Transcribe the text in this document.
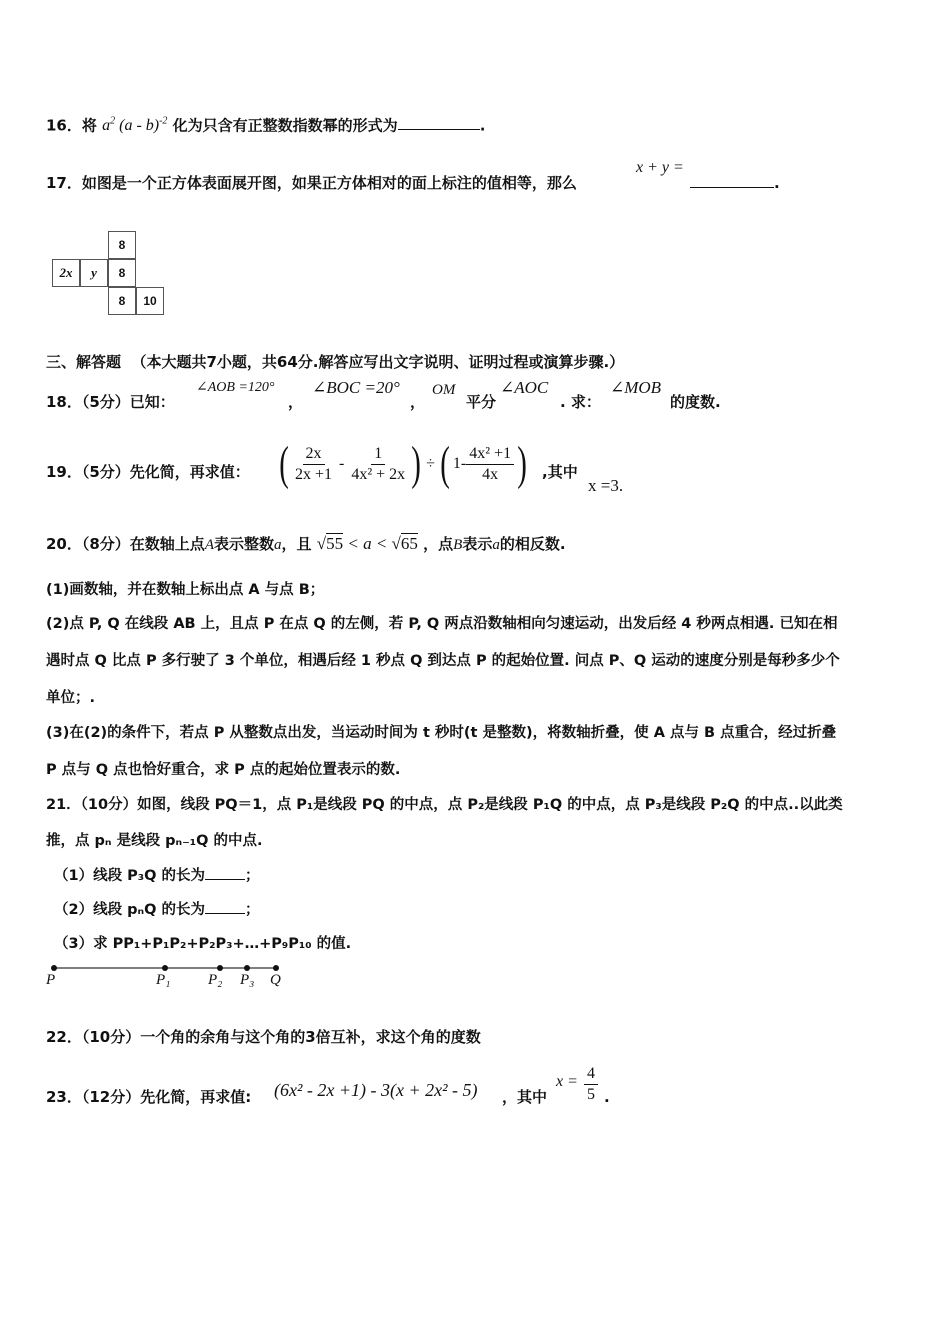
16．将 $a^2$ (a - b)$^{-2}$ 化为只含有正整数指数幂的形式为	.
17．如图是一个正方体表面展开图，如果正方体相对的面上标注的值相等，那么
x + y =
.
8
2x	y	8
8	10
三、解答题 （本大题共7小题，共64分.解答应写出文字说明、证明过程或演算步骤.）
18．（5分）已知：
∠AOB =120°
，
∠BOC =20°
，
OM
平分
∠AOC
. 求：
∠MOB
的度数.
19．（5分）先化简，再求值： ( $\frac{2x}{2x +1} - \frac{1}{\text{4x² + 2x}}$ ) ÷ ( $1- \frac{\text{4x² +1}}{4x}$ ) ,其中
x =3.
20．（8分）在数轴上点A表示整数a，且 √55 < a < √65 ，点B表示a的相反数.
(1)画数轴，并在数轴上标出点 A 与点 B；
(2)点 P, Q 在线段 AB 上，且点 P 在点 Q 的左侧，若 P, Q 两点沿数轴相向匀速运动，出发后经 4 秒两点相遇. 已知在相
遇时点 Q 比点 P 多行驶了 3 个单位，相遇后经 1 秒点 Q 到达点 P 的起始位置. 问点 P、Q 运动的速度分别是每秒多少个
单位；.
(3)在(2)的条件下，若点 P 从整数点出发，当运动时间为 t 秒时(t 是整数)，将数轴折叠，使 A 点与 B 点重合，经过折叠
P 点与 Q 点也恰好重合，求 P 点的起始位置表示的数.
21．（10分）如图，线段 PQ＝1，点 P₁是线段 PQ 的中点，点 P₂是线段 P₁Q 的中点，点 P₃是线段 P₂Q 的中点..以此类
推，点 pₙ 是线段 pₙ₋₁Q 的中点.
（1）线段 P₃Q 的长为	；
（2）线段 pₙQ 的长为	；
（3）求 PP₁+P₁P₂+P₂P₃+…+P₉P₁₀ 的值.
P	P₁	P₂ P₃ Q
22．（10分）一个角的余角与这个角的3倍互补，求这个角的度数
23．（12分）先化简，再求值: (6x² - 2x +1) - 3(x + 2x² - 5) ，其中
$x = \frac{4}{5}$ .
